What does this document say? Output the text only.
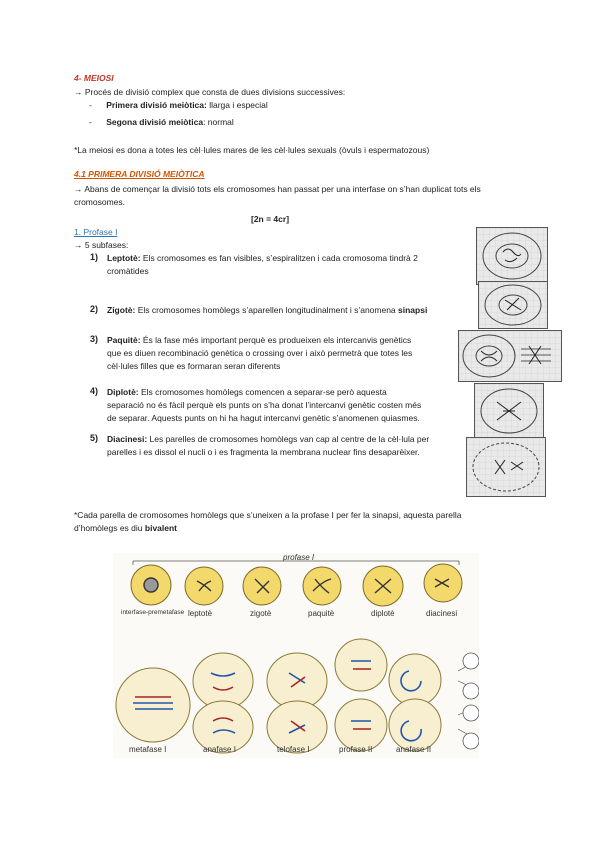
4- MEIOSI
→ Procés de divisió complex que consta de dues divisions successives:
- Primera divisió meiòtica: llarga i especial
- Segona divisió meiòtica: normal
*La meiosi es dona a totes les cèl·lules mares de les cèl·lules sexuals (òvuls i espermatozous)
4.1 PRIMERA DIVISIÓ MEIÒTICA
→ Abans de començar la divisió tots els cromosomes han passat per una interfase on s’han duplicat tots els
cromosomes.
[2n = 4cr]
1. Profase I
→ 5 subfases:
1) Leptotè: Els cromosomes es fan visibles, s’espiralitzen i cada cromosoma tindrà 2
cromàtides
2) Zigotè: Els cromosomes homòlegs s’aparellen longitudinalment i s’anomena sinapsi
3) Paquitè: És la fase més important perquè es produeixen els intercanvis genètics
que es diuen recombinació genètica o crossing over i això permetrà que totes les
cèl·lules filles que es formaran seran diferents
4) Diplotè: Els cromosomes homòlegs comencen a separar-se però aquesta
separació no és fàcil perquè els punts on s’ha donat l’intercanvi genètic costen més
de separar. Aquests punts on hi ha hagut intercanvi genètic s’anomenen quiasmes.
5) Diacinesi: Les parelles de cromosomes homòlegs van cap al centre de la cèl·lula per
parelles i es dissol el nucli o i es fragmenta la membrana nuclear fins desaparèixer.
*Cada parella de cromosomes homòlegs que s’uneixen a la profase I per fer la sinapsi, aquesta parella
d’homòlegs es diu bivalent
profase I
interfase-premetafase leptotè	zigotè	paquitè	diplotè	diacinesi
metafase I	anafase I	telofase I	profase II	anafase II
